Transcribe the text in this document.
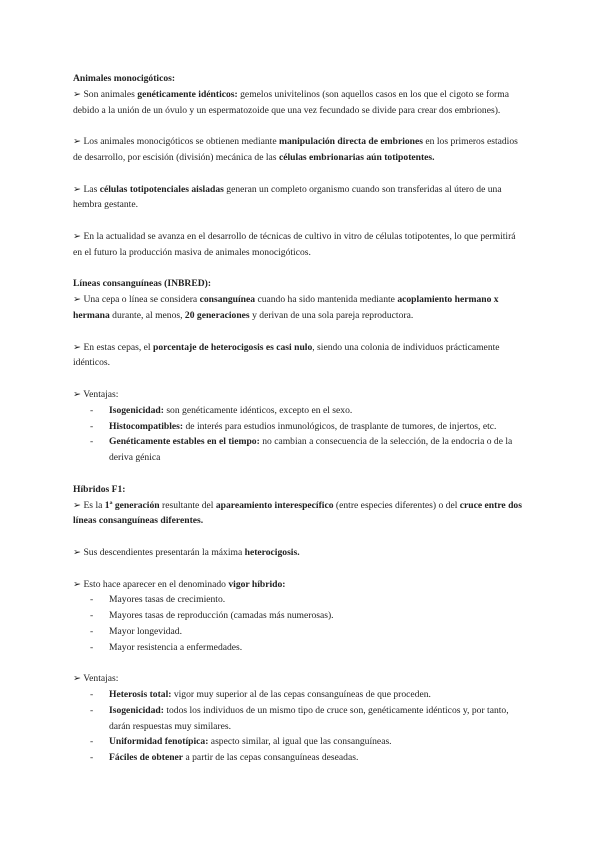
Animales monocigóticos:

➢ Son animales genéticamente idénticos: gemelos univitelinos (son aquellos casos en los que el cigoto se forma debido a la unión de un óvulo y un espermatozoide que una vez fecundado se divide para crear dos embriones).

➢ Los animales monocigóticos se obtienen mediante manipulación directa de embriones en los primeros estadios de desarrollo, por escisión (división) mecánica de las células embrionarias aún totipotentes.

➢ Las células totipotenciales aisladas generan un completo organismo cuando son transferidas al útero de una hembra gestante.

➢ En la actualidad se avanza en el desarrollo de técnicas de cultivo in vitro de células totipotentes, lo que permitirá en el futuro la producción masiva de animales monocigóticos.

Líneas consanguíneas (INBRED):

➢ Una cepa o línea se considera consanguínea cuando ha sido mantenida mediante acoplamiento hermano x hermana durante, al menos, 20 generaciones y derivan de una sola pareja reproductora.

➢ En estas cepas, el porcentaje de heterocigosis es casi nulo, siendo una colonia de individuos prácticamente idénticos.

➢ Ventajas:

- Isogenicidad: son genéticamente idénticos, excepto en el sexo.
- Histocompatibles: de interés para estudios inmunológicos, de trasplante de tumores, de injertos, etc.
- Genéticamente estables en el tiempo: no cambian a consecuencia de la selección, de la endocria o de la deriva génica

Híbridos F1:

➢ Es la 1ª generación resultante del apareamiento interespecífico (entre especies diferentes) o del cruce entre dos líneas consanguíneas diferentes.

➢ Sus descendientes presentarán la máxima heterocigosis.

➢ Esto hace aparecer en el denominado vigor híbrido:

- Mayores tasas de crecimiento.
- Mayores tasas de reproducción (camadas más numerosas).
- Mayor longevidad.
- Mayor resistencia a enfermedades.

➢ Ventajas:

- Heterosis total: vigor muy superior al de las cepas consanguíneas de que proceden.
- Isogenicidad: todos los individuos de un mismo tipo de cruce son, genéticamente idénticos y, por tanto, darán respuestas muy similares.
- Uniformidad fenotípica: aspecto similar, al igual que las consanguíneas.
- Fáciles de obtener a partir de las cepas consanguíneas deseadas.
